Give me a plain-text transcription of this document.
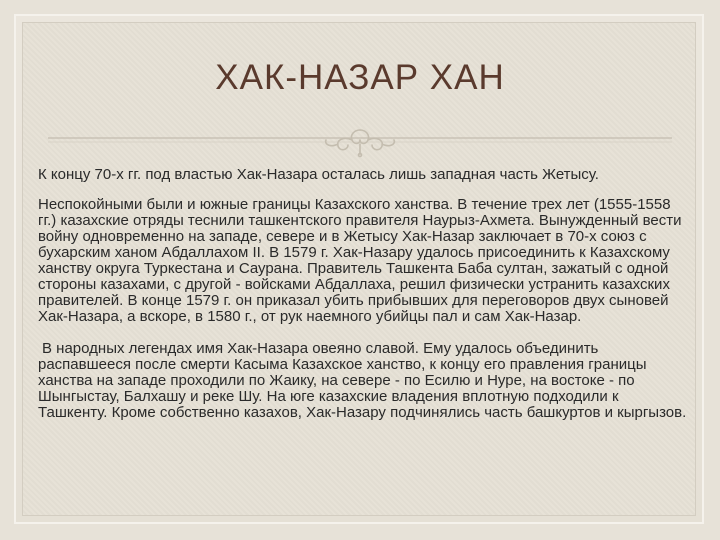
ХАК-НАЗАР ХАН

К концу 70-х гг. под властью Хак-Назара осталась лишь западная часть Жетысу.

Неспокойными были и южные границы Казахского ханства. В течение трех лет (1555-1558 гг.) казахские отряды теснили ташкентского правителя Наурыз-Ахмета. Вынужденный вести войну одновременно на западе, севере и в Жетысу Хак-Назар заключает в 70-х союз с бухарским ханом Абдаллахом II. В 1579 г. Хак-Назару удалось присоединить к Казахскому ханству округа Туркестана и Саурана. Правитель Ташкента Баба султан, зажатый с одной стороны казахами, с другой - войсками Абдаллаха, решил физически устранить казахских правителей. В конце 1579 г. он приказал убить прибывших для переговоров двух сыновей Хак-Назара, а вскоре, в 1580 г., от рук наемного убийцы пал и сам Хак-Назар.

В народных легендах имя Хак-Назара овеяно славой. Ему удалось объединить распавшееся после смерти Касыма Казахское ханство, к концу его правления границы ханства на западе проходили по Жаику, на севере - по Есилю и Нуре, на востоке - по Шынгыстау, Балхашу и реке Шу. На юге казахские владения вплотную подходили к Ташкенту. Кроме собственно казахов, Хак-Назару подчинялись часть башкуртов и кыргызов.
